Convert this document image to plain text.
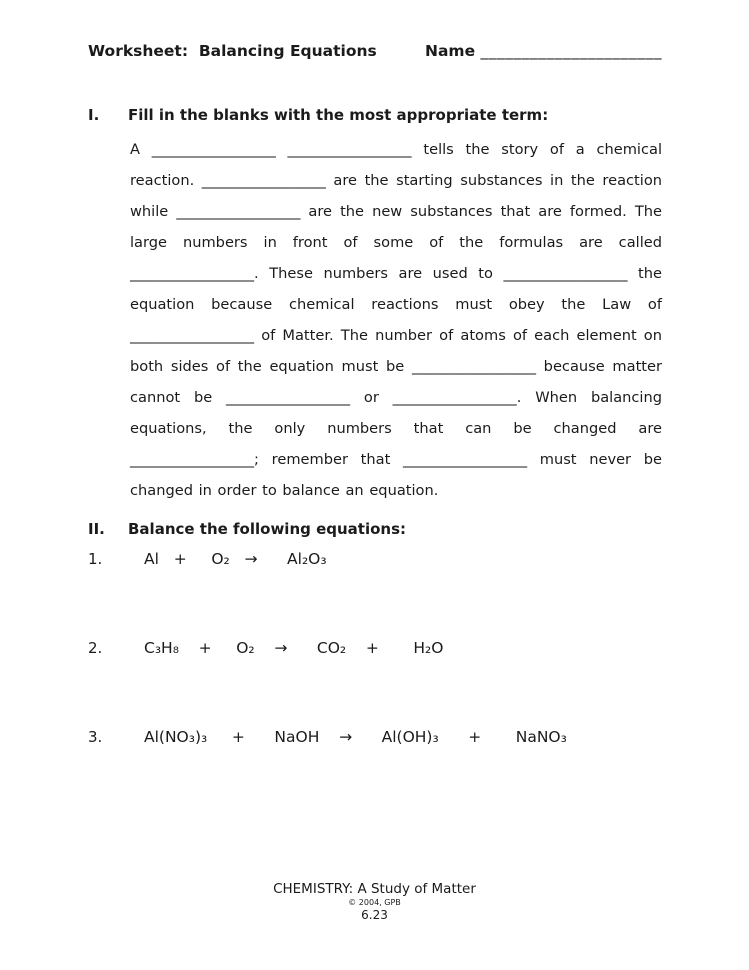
Worksheet:  Balancing Equations	Name ______________________
I.	Fill in the blanks with the most appropriate term:

A _________________ _________________ tells the story of a chemical reaction. _________________ are the starting substances in the reaction while _________________ are the new substances that are formed. The large numbers in front of some of the formulas are called _________________. These numbers are used to _________________ the equation because chemical reactions must obey the Law of _________________ of Matter. The number of atoms of each element on both sides of the equation must be _________________ because matter cannot be _________________ or _________________. When balancing equations, the only numbers that can be changed are _________________; remember that _________________ must never be changed in order to balance an equation.

II.	Balance the following equations:
1.	Al   +     O₂   →      Al₂O₃
2.	C₃H₈    +     O₂    →      CO₂    +       H₂O
3.	Al(NO₃)₃     +      NaOH    →      Al(OH)₃      +       NaNO₃
CHEMISTRY: A Study of Matter
© 2004, GPB
6.23
